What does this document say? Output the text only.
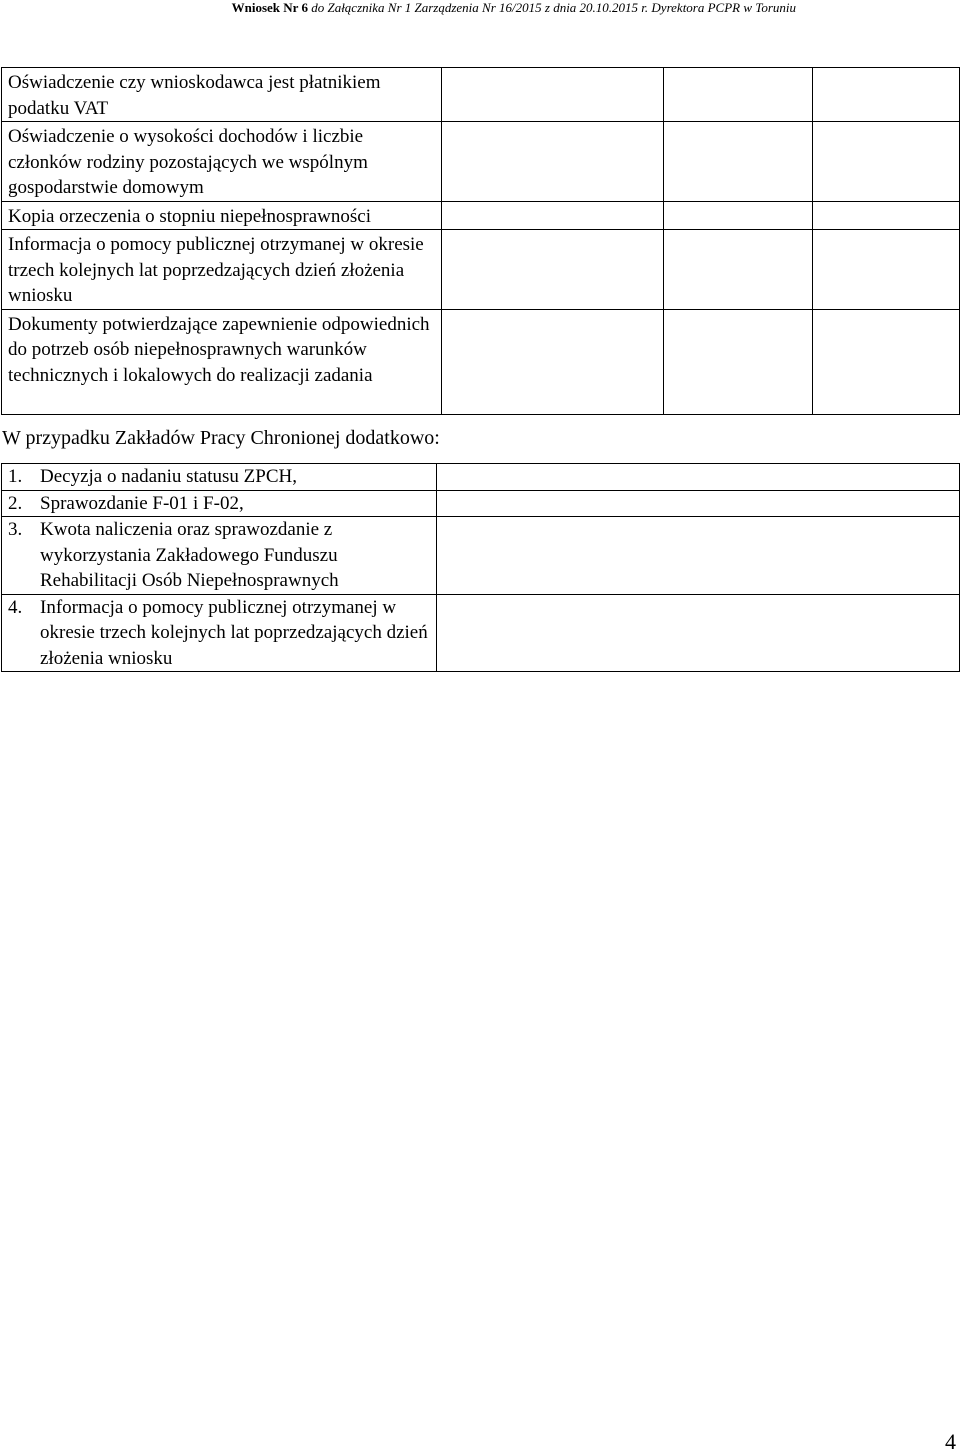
Wniosek Nr 6 do Załącznika Nr 1 Zarządzenia Nr 16/2015 z dnia 20.10.2015 r. Dyrektora PCPR w Toruniu
Oświadczenie czy wnioskodawca jest płatnikiem podatku VAT			
Oświadczenie o wysokości dochodów i liczbie członków rodziny pozostających we wspólnym gospodarstwie domowym			
Kopia orzeczenia o stopniu niepełnosprawności			
Informacja o pomocy publicznej otrzymanej w okresie trzech kolejnych lat poprzedzających dzień złożenia wniosku			
Dokumenty potwierdzające zapewnienie odpowiednich do potrzeb osób niepełnosprawnych warunków technicznych i lokalowych do realizacji zadania			
W przypadku Zakładów Pracy Chronionej dodatkowo:
1. Decyzja o nadaniu statusu ZPCH,	

2. Sprawozdanie F-01 i F-02,	

3. Kwota naliczenia oraz sprawozdanie z wykorzystania Zakładowego Funduszu Rehabilitacji Osób Niepełnosprawnych	

4. Informacja o pomocy publicznej otrzymanej w okresie trzech kolejnych lat poprzedzających dzień złożenia wniosku	

4
